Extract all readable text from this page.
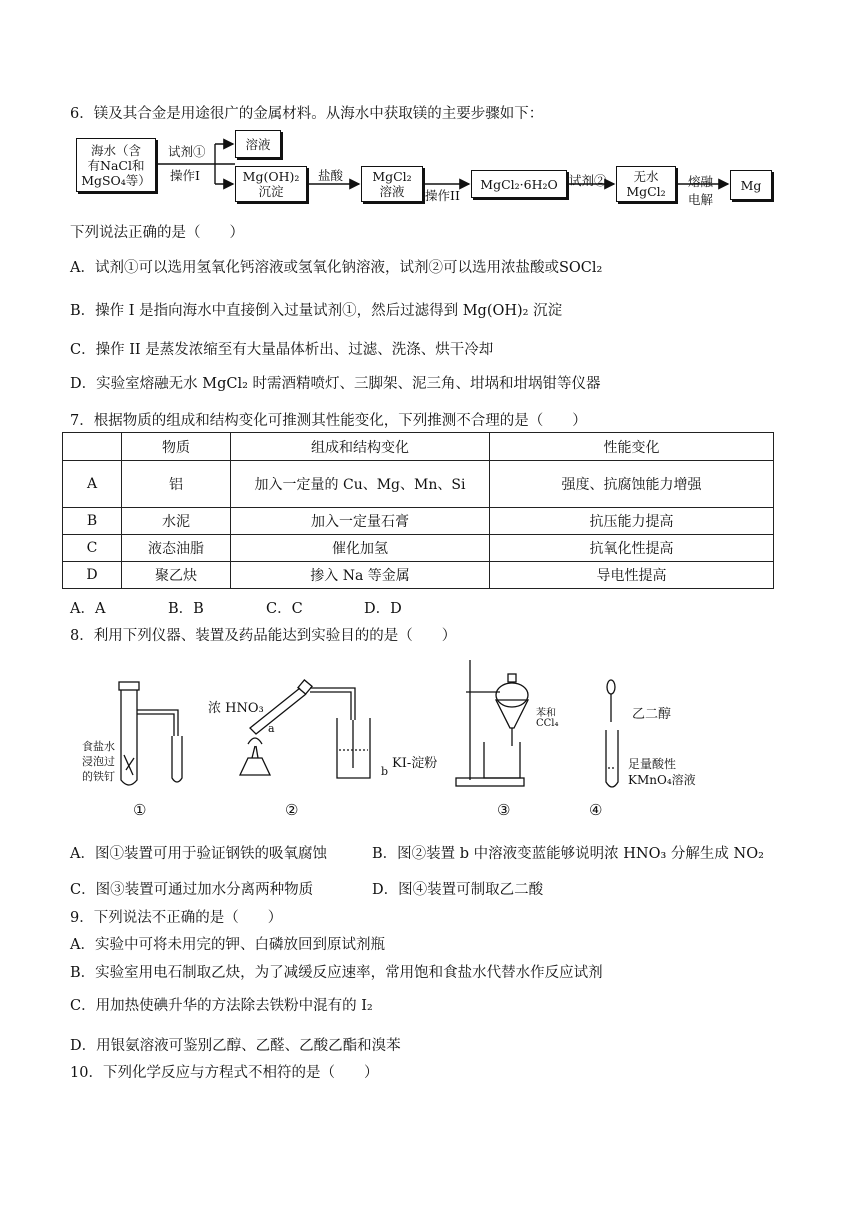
6．镁及其合金是用途很广的金属材料。从海水中获取镁的主要步骤如下：
海水（含
有NaCl和
MgSO₄等）
试剂①
操作I
溶液
Mg(OH)₂
沉淀
盐酸 MgCl₂
溶液 操作II
MgCl₂·6H₂O 试剂② 无水
MgCl₂
熔融
电解
Mg
下列说法正确的是（　　）
A．试剂①可以选用氢氧化钙溶液或氢氧化钠溶液，试剂②可以选用浓盐酸或SOCl₂
B．操作 I 是指向海水中直接倒入过量试剂①，然后过滤得到 Mg(OH)₂ 沉淀
C．操作 II 是蒸发浓缩至有大量晶体析出、过滤、洗涤、烘干冷却
D．实验室熔融无水 MgCl₂ 时需酒精喷灯、三脚架、泥三角、坩埚和坩埚钳等仪器
7．根据物质的组成和结构变化可推测其性能变化，下列推测不合理的是（　　）
	物质	组成和结构变化	性能变化
A	铝	加入一定量的 Cu、Mg、Mn、Si	强度、抗腐蚀能力增强
B	水泥	加入一定量石膏	抗压能力提高
C	液态油脂	催化加氢	抗氧化性提高
D	聚乙炔	掺入 Na 等金属	导电性提高
A．A	B．B	C．C	D．D
8．利用下列仪器、装置及药品能达到实验目的的是（　　）
食盐水
浸泡过
的铁钉
浓 HNO₃
a
b
KI-淀粉
苯和
CCl₄
乙二醇
足量酸性
KMnO₄溶液
①	②	③	④
A．图①装置可用于验证钢铁的吸氧腐蚀	B．图②装置 b 中溶液变蓝能够说明浓 HNO₃ 分解生成 NO₂
C．图③装置可通过加水分离两种物质	D．图④装置可制取乙二酸
9．下列说法不正确的是（　　）
A．实验中可将未用完的钾、白磷放回到原试剂瓶
B．实验室用电石制取乙炔，为了减缓反应速率，常用饱和食盐水代替水作反应试剂
C．用加热使碘升华的方法除去铁粉中混有的 I₂
D．用银氨溶液可鉴别乙醇、乙醛、乙酸乙酯和溴苯
10．下列化学反应与方程式不相符的是（　　）
